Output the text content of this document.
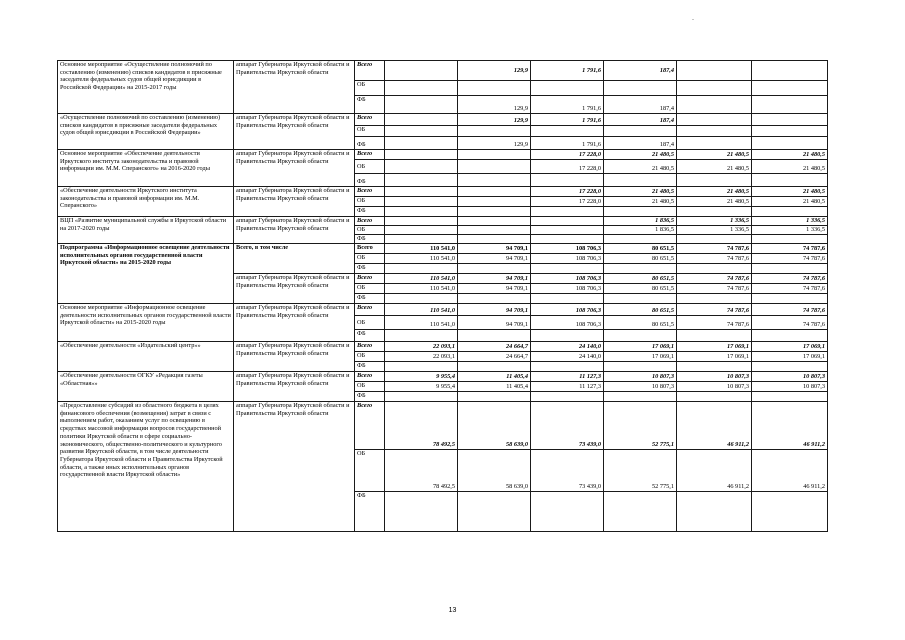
-
Основное мероприятие «Осуществление полномочий по составлению (изменению) списков кандидатов в присяжные заседатели федеральных судов общей юрисдикции в Российской Федерации» на 2015-2017 годы	аппарат Губернатора Иркутской области и Правительства Иркутской области	Всего		129,9	1 791,6	187,4			
		ОБ							
		ФБ		129,9	1 791,6	187,4			
«Осуществление полномочий по составлению (изменению) списков кандидатов в присяжные заседатели федеральных судов общей юрисдикции в Российской Федерации»	аппарат Губернатора Иркутской области и Правительства Иркутской области	Всего		129,9	1 791,6	187,4			
		ОБ							
		ФБ		129,9	1 791,6	187,4			
Основное мероприятие «Обеспечение деятельности Иркутского института законодательства и правовой информации им. М.М. Сперанского» на 2016-2020 годы	аппарат Губернатора Иркутской области и Правительства Иркутской области	Всего			17 228,0	21 480,5	21 480,5	21 480,5	
		ОБ			17 228,0	21 480,5	21 480,5	21 480,5	
		ФБ							
«Обеспечение деятельности Иркутского института законодательства и правовой информации им. М.М. Сперанского»	аппарат Губернатора Иркутской области и Правительства Иркутской области	Всего			17 228,0	21 480,5	21 480,5	21 480,5	
		ОБ			17 228,0	21 480,5	21 480,5	21 480,5	
		ФБ							
ВЦП «Развитие муниципальной службы в Иркутской области на 2017-2020 годы	аппарат Губернатора Иркутской области и Правительства Иркутской области	Всего				1 836,5	1 336,5	1 336,5	
		ОБ				1 836,5	1 336,5	1 336,5	
		ФБ							
Подпрограмма «Информационное освещение деятельности исполнительных органов государственной власти Иркутской области» на 2015-2020 годы	Всего, в том числе	Всего	110 541,0	94 709,1	108 706,3	80 651,5	74 787,6	74 787,6	
		ОБ	110 541,0	94 709,1	108 706,3	80 651,5	74 787,6	74 787,6	
		ФБ							
	аппарат Губернатора Иркутской области и Правительства Иркутской области	Всего	110 541,0	94 709,1	108 706,3	80 651,5	74 787,6	74 787,6	
		ОБ	110 541,0	94 709,1	108 706,3	80 651,5	74 787,6	74 787,6	
		ФБ							
Основное мероприятие «Информационное освещение деятельности исполнительных органов государственной власти Иркутской области» на 2015-2020 годы	аппарат Губернатора Иркутской области и Правительства Иркутской области	Всего	110 541,0	94 709,1	108 706,3	80 651,5	74 787,6	74 787,6	
		ОБ	110 541,0	94 709,1	108 706,3	80 651,5	74 787,6	74 787,6	
		ФБ							
«Обеспечение деятельности «Издательский центр»»	аппарат Губернатора Иркутской области и Правительства Иркутской области	Всего	22 093,1	24 664,7	24 140,0	17 069,1	17 069,1	17 069,1	
		ОБ	22 093,1	24 664,7	24 140,0	17 069,1	17 069,1	17 069,1	
		ФБ							
«Обеспечение деятельности ОГКУ «Редакция газеты «Областная»»	аппарат Губернатора Иркутской области и Правительства Иркутской области	Всего	9 955,4	11 405,4	11 127,3	10 807,3	10 807,3	10 807,3	
		ОБ	9 955,4	11 405,4	11 127,3	10 807,3	10 807,3	10 807,3	
		ФБ							
«Предоставление субсидий из областного бюджета в целях финансового обеспечения (возмещения) затрат в связи с выполнением работ, оказанием услуг по освещению в средствах массовой информации вопросов государственной политики Иркутской области в сфере социально-экономического, общественно-политического и культурного развития Иркутской области, в том числе деятельности Губернатора Иркутской области и Правительства Иркутской области, а также иных исполнительных органов государственной власти Иркутской области»	аппарат Губернатора Иркутской области и Правительства Иркутской области	Всего	78 492,5	58 639,0	73 439,0	52 775,1	46 911,2	46 911,2	
		ОБ	78 492,5	58 639,0	73 439,0	52 775,1	46 911,2	46 911,2	
		ФБ							
13
